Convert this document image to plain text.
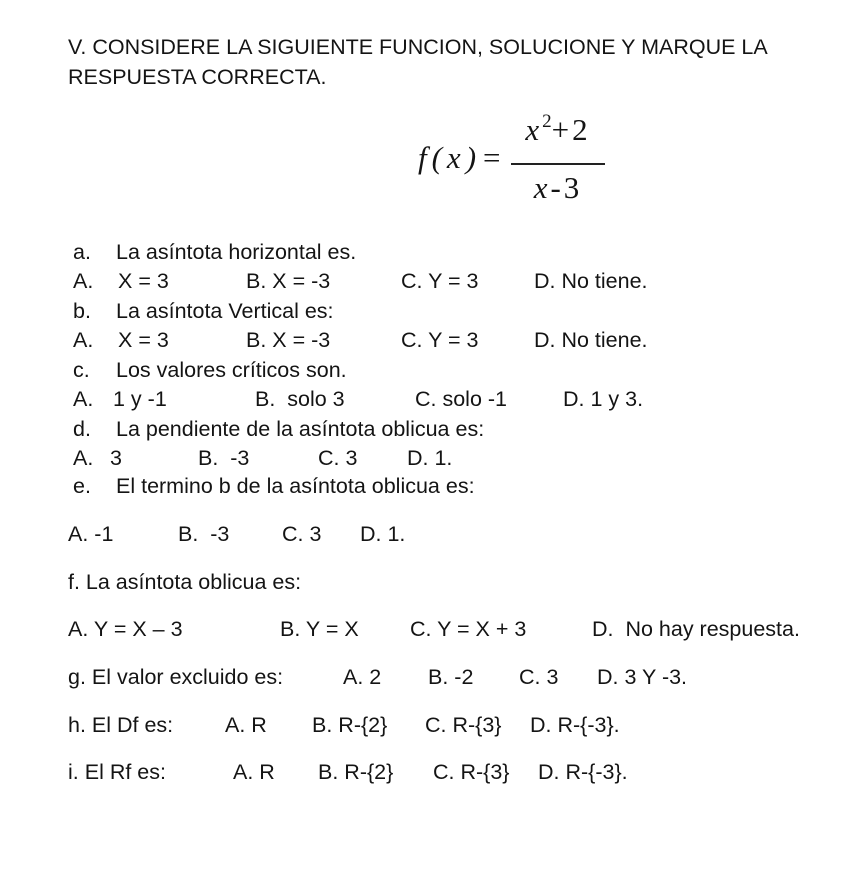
V. CONSIDERE LA SIGUIENTE FUNCION, SOLUCIONE Y MARQUE LA
RESPUESTA CORRECTA.
f(x)=
$x^2+2$
x-3
a. La asíntota horizontal es.
A. X = 3	B. X = -3	C. Y = 3	D. No tiene.
b. La asíntota Vertical es:
A. X = 3	B. X = -3	C. Y = 3	D. No tiene.
c. Los valores críticos son.
A. 1 y -1	B.  solo 3	C. solo -1	D. 1 y 3.
d. La pendiente de la asíntota oblicua es:
A. 3	B.  -3	C. 3 D. 1.
e. El termino b de la asíntota oblicua es:
A. -1	B.  -3 C. 3 D. 1.
f. La asíntota oblicua es:
A. Y = X – 3	B. Y = X C. Y = X + 3	D.  No hay respuesta.
g. El valor excluido es:	A. 2 B. -2 C. 3 D. 3 Y -3.
h. El Df es: A. R B. R-{2} C. R-{3} D. R-{-3}.
i. El Rf es:	A. R B. R-{2} C. R-{3} D. R-{-3}.
